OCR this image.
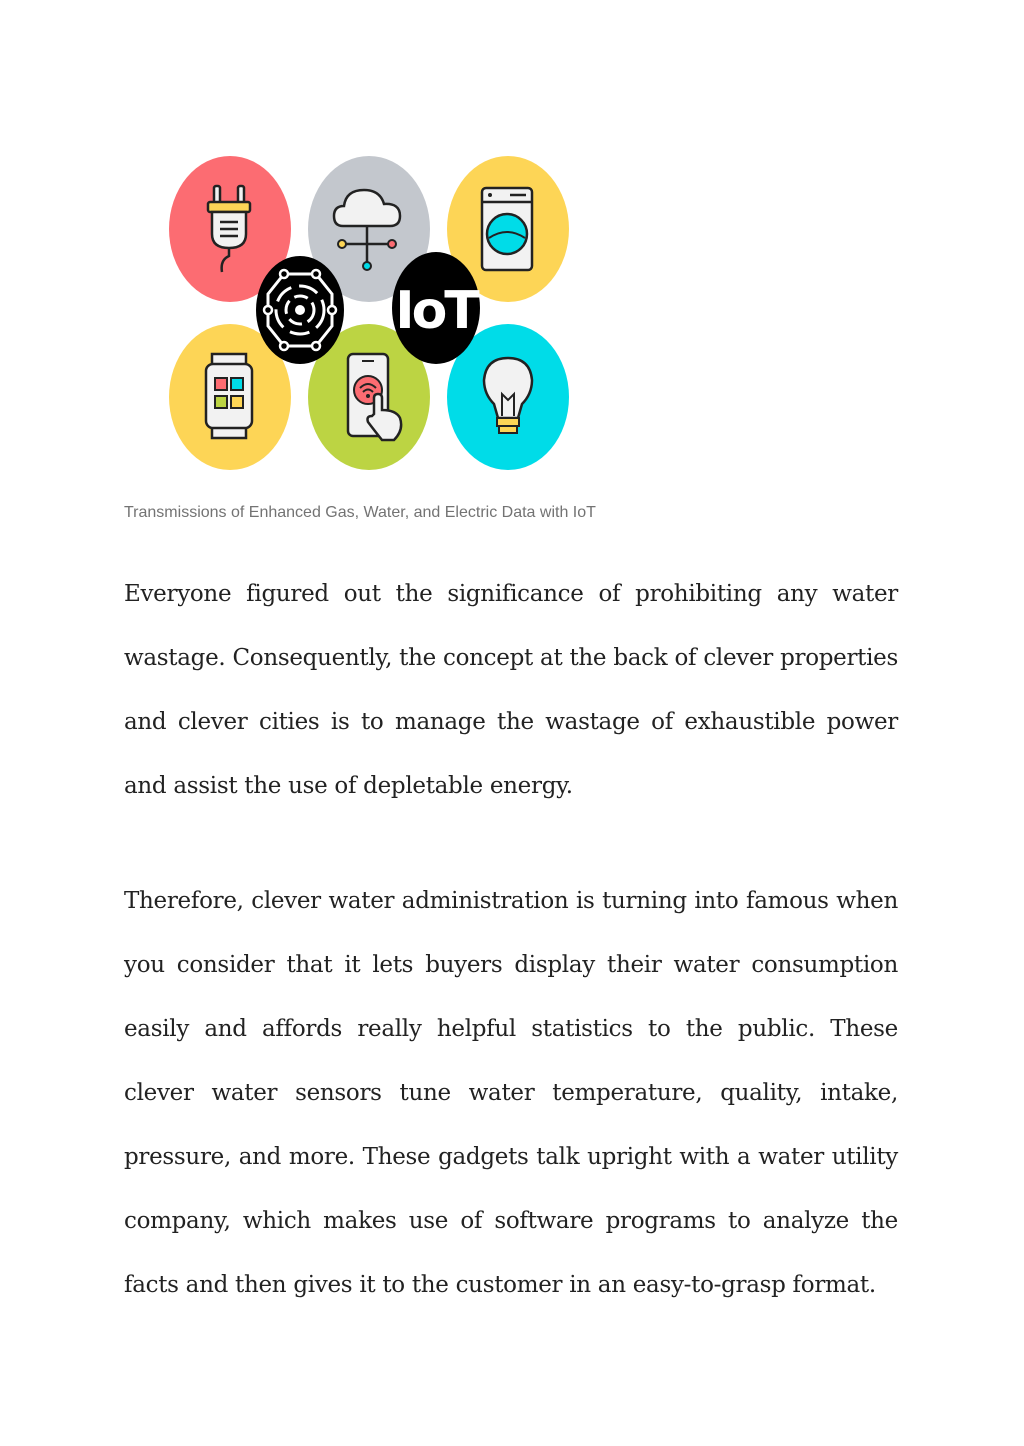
IoT
Transmissions of Enhanced Gas, Water, and Electric Data with IoT

Everyone figured out the significance of prohibiting any water wastage. Consequently, the concept at the back of clever properties and clever cities is to manage the wastage of exhaustible power and assist the use of depletable energy.

Therefore, clever water administration is turning into famous when you consider that it lets buyers display their water consumption easily and affords really helpful statistics to the public. These clever water sensors tune water temperature, quality, intake, pressure, and more. These gadgets talk upright with a water utility company, which makes use of software programs to analyze the facts and then gives it to the customer in an easy-to-grasp format.
